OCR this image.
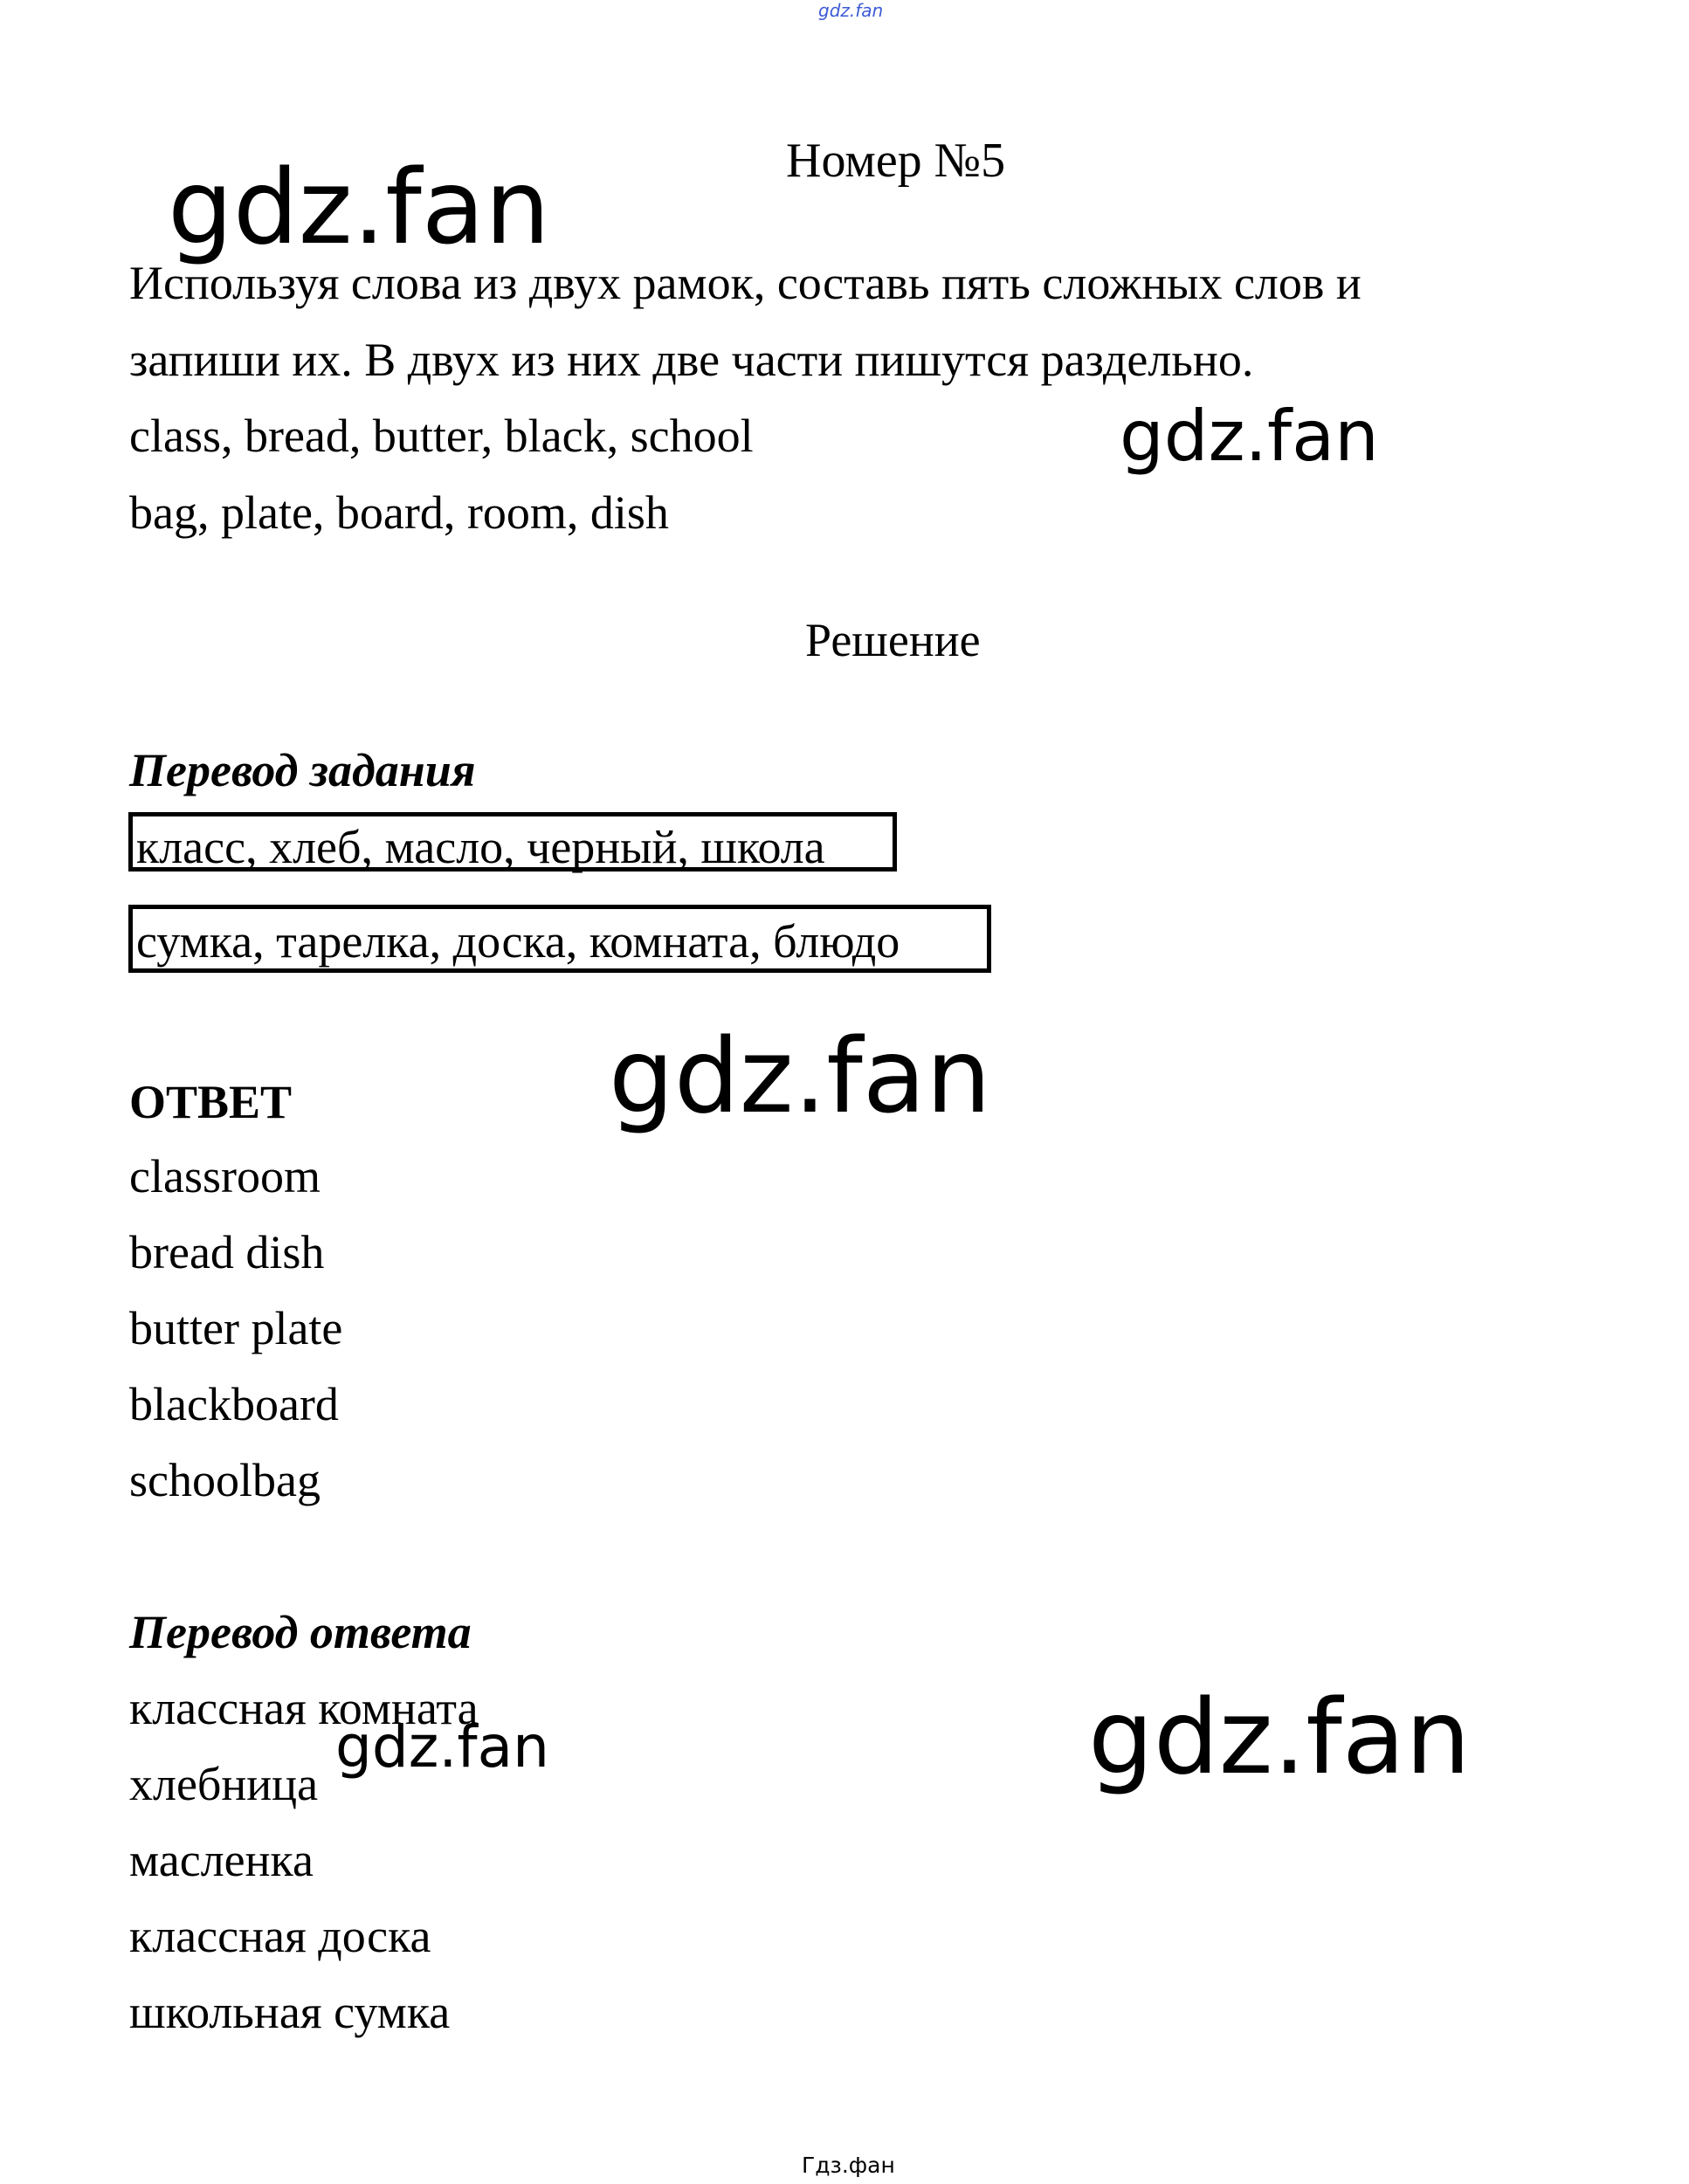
gdz.fan
Номер №5
gdz.fan
Используя слова из двух рамок, составь пять сложных слов и
запиши их. В двух из них две части пишутся раздельно.
class, bread, butter, black, school
bag, plate, board, room, dish
gdz.fan
Решение
Перевод задания
класс, хлеб, масло, черный, школа
сумка, тарелка, доска, комната, блюдо
gdz.fan
ОТВЕТ
classroom
bread dish
butter plate
blackboard
schoolbag
Перевод ответа
классная комната
хлебница
масленка
классная доска
школьная сумка
gdz.fan	gdz.fan
Гдз.фан
